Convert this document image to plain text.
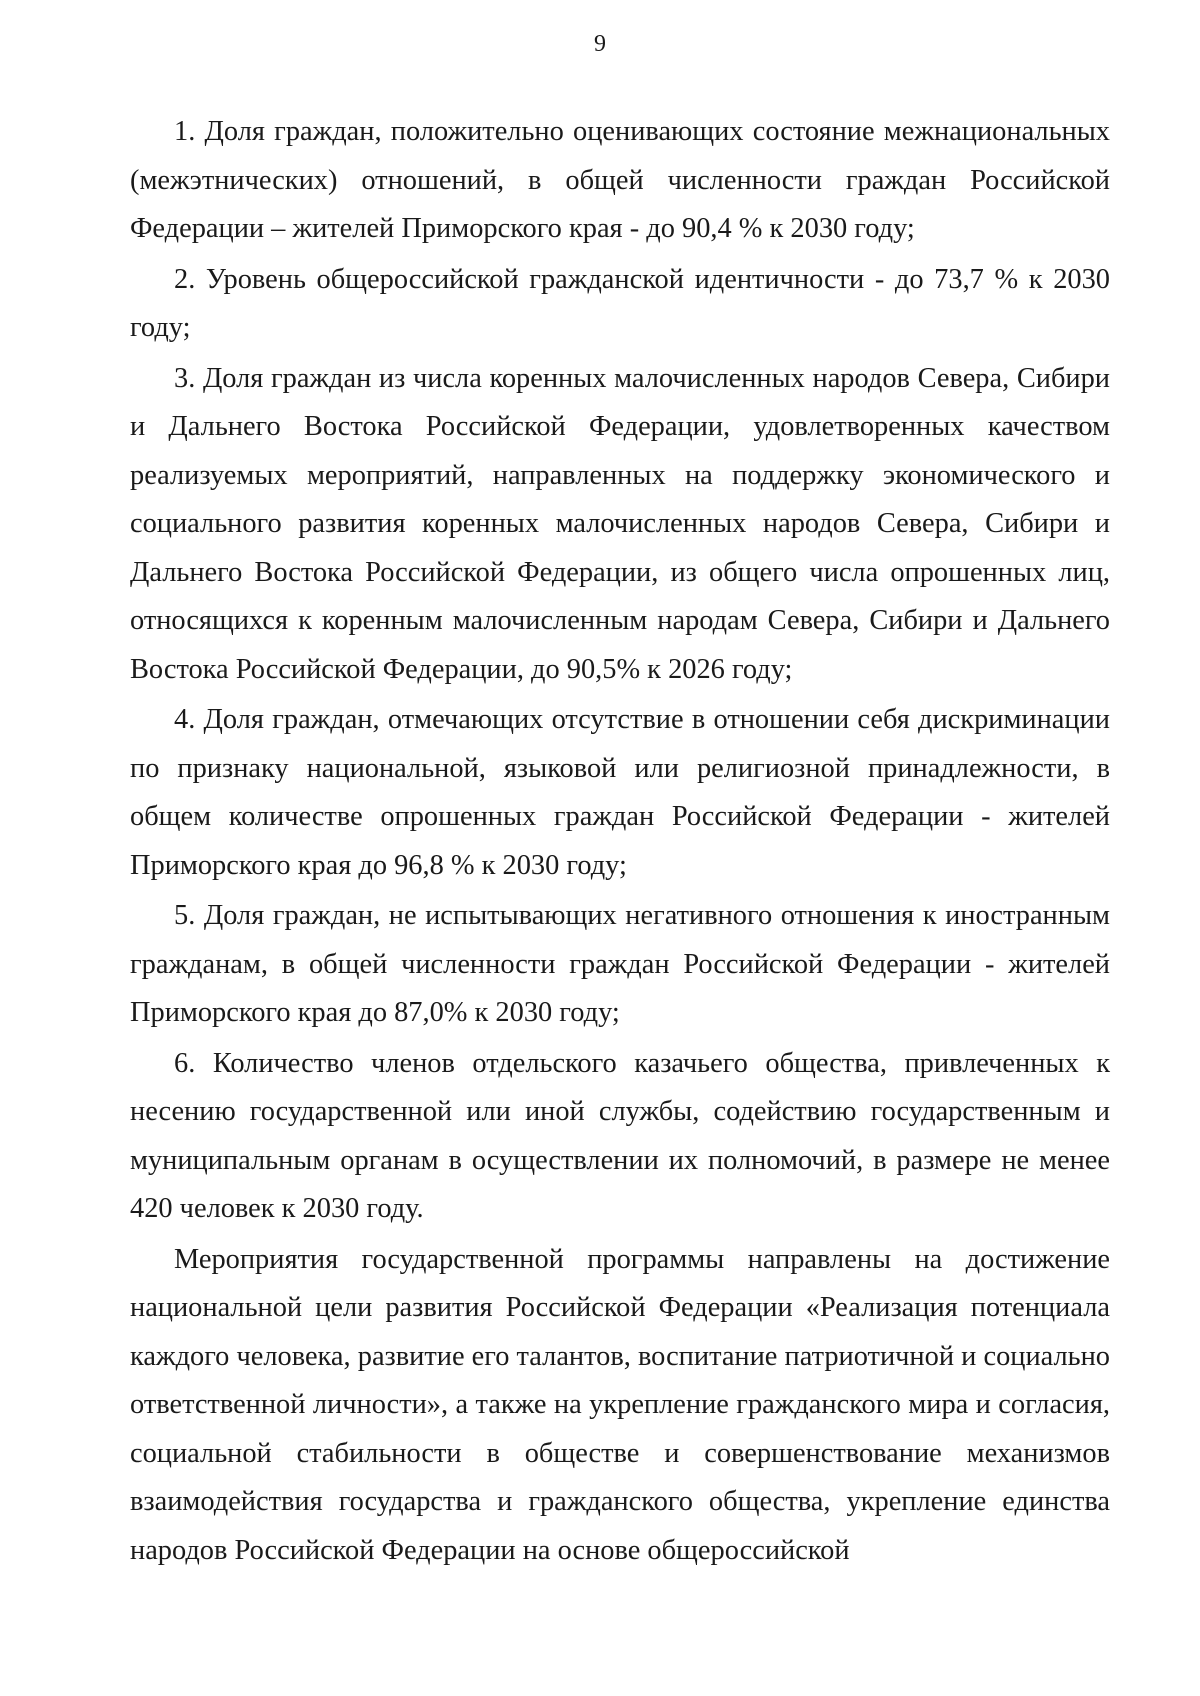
9

1. Доля граждан, положительно оценивающих состояние межнациональных (межэтнических) отношений, в общей численности граждан Российской Федерации – жителей Приморского края - до 90,4 % к 2030 году;

2. Уровень общероссийской гражданской идентичности - до 73,7 % к 2030 году;

3. Доля граждан из числа коренных малочисленных народов Севера, Сибири и Дальнего Востока Российской Федерации, удовлетворенных качеством реализуемых мероприятий, направленных на поддержку экономического и социального развития коренных малочисленных народов Севера, Сибири и Дальнего Востока Российской Федерации, из общего числа опрошенных лиц, относящихся к коренным малочисленным народам Севера, Сибири и Дальнего Востока Российской Федерации, до 90,5% к 2026 году;

4. Доля граждан, отмечающих отсутствие в отношении себя дискриминации по признаку национальной, языковой или религиозной принадлежности, в общем количестве опрошенных граждан Российской Федерации - жителей Приморского края до 96,8 % к 2030 году;

5. Доля граждан, не испытывающих негативного отношения к иностранным гражданам, в общей численности граждан Российской Федерации - жителей Приморского края до 87,0% к 2030 году;

6. Количество членов отдельского казачьего общества, привлеченных к несению государственной или иной службы, содействию государственным и муниципальным органам в осуществлении их полномочий, в размере не менее 420 человек к 2030 году.

Мероприятия государственной программы направлены на достижение национальной цели развития Российской Федерации «Реализация потенциала каждого человека, развитие его талантов, воспитание патриотичной и социально ответственной личности», а также на укрепление гражданского мира и согласия, социальной стабильности в обществе и совершенствование механизмов взаимодействия государства и гражданского общества, укрепление единства народов Российской Федерации на основе общероссийской
